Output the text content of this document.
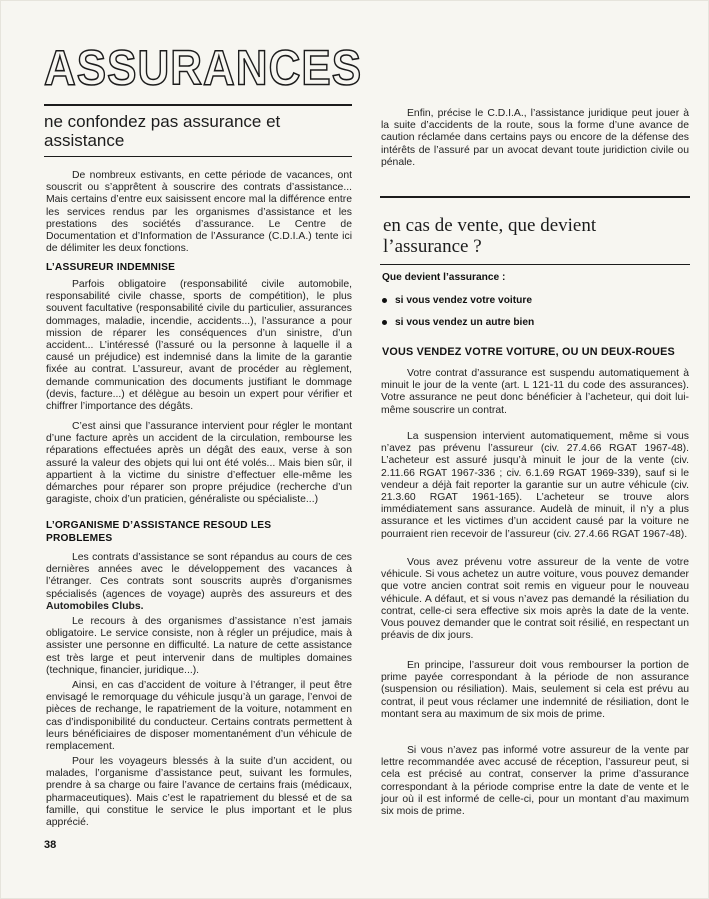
ASSURANCES
ne confondez pas assurance et assistance
De nombreux estivants, en cette période de vacances, ont souscrit ou s’apprêtent à souscrire des contrats d’assistance... Mais certains d’entre eux saisissent encore mal la différence entre les services rendus par les organismes d’assistance et les prestations des sociétés d’assurance. Le Centre de Documentation et d’Information de l’Assurance (C.D.I.A.) tente ici de délimiter les deux fonctions.
L’ASSUREUR INDEMNISE
Parfois obligatoire (responsabilité civile automobile, responsabilité civile chasse, sports de compétition), le plus souvent facultative (responsabilité civile du particulier, assurances dommages, maladie, incendie, accidents...), l’assurance a pour mission de réparer les conséquences d’un sinistre, d’un accident... L’intéressé (l’assuré ou la personne à laquelle il a causé un préjudice) est indemnisé dans la limite de la garantie fixée au contrat. L’assureur, avant de procéder au règlement, demande communication des documents justifiant le dommage (devis, facture...) et délègue au besoin un expert pour vérifier et chiffrer l’importance des dégâts.
C’est ainsi que l’assurance intervient pour régler le montant d’une facture après un accident de la circulation, rembourse les réparations effectuées après un dégât des eaux, verse à son assuré la valeur des objets qui lui ont été volés... Mais bien sûr, il appartient à la victime du sinistre d’effectuer elle-même les démarches pour réparer son propre préjudice (recherche d’un garagiste, choix d’un praticien, généraliste ou spécialiste...)
L’ORGANISME D’ASSISTANCE RESOUD LES PROBLEMES
Les contrats d’assistance se sont répandus au cours de ces dernières années avec le développement des vacances à l’étranger. Ces contrats sont souscrits auprès d’organismes spécialisés (agences de voyage) auprès des assureurs et des Automobiles Clubs.
Le recours à des organismes d’assistance n’est jamais obligatoire. Le service consiste, non à régler un préjudice, mais à assister une personne en difficulté. La nature de cette assistance est très large et peut intervenir dans de multiples domaines (technique, financier, juridique...).
Ainsi, en cas d’accident de voiture à l’étranger, il peut être envisagé le remorquage du véhicule jusqu’à un garage, l’envoi de pièces de rechange, le rapatriement de la voiture, notamment en cas d’indisponibilité du conducteur. Certains contrats permettent à leurs bénéficiaires de disposer momentanément d’un véhicule de remplacement.
Pour les voyageurs blessés à la suite d’un accident, ou malades, l’organisme d’assistance peut, suivant les formules, prendre à sa charge ou faire l’avance de certains frais (médicaux, pharmaceutiques). Mais c’est le rapatriement du blessé et de sa famille, qui constitue le service le plus important et le plus apprécié.
38
Enfin, précise le C.D.I.A., l’assistance juridique peut jouer à la suite d’accidents de la route, sous la forme d’une avance de caution réclamée dans certains pays ou encore de la défense des intérêts de l’assuré par un avocat devant toute juridiction civile ou pénale.
en cas de vente, que devient l’assurance ?
Que devient l’assurance :
si vous vendez votre voiture
si vous vendez un autre bien
VOUS VENDEZ VOTRE VOITURE, OU UN DEUX-ROUES
Votre contrat d’assurance est suspendu automatiquement à minuit le jour de la vente (art. L 121-11 du code des assurances). Votre assurance ne peut donc bénéficier à l’acheteur, qui doit lui-même souscrire un contrat.
La suspension intervient automatiquement, même si vous n’avez pas prévenu l’assureur (civ. 27.4.66 RGAT 1967-48). L’acheteur est assuré jusqu’à minuit le jour de la vente (civ. 2.11.66 RGAT 1967-336 ; civ. 6.1.69 RGAT 1969-339), sauf si le vendeur a déjà fait reporter la garantie sur un autre véhicule (civ. 21.3.60 RGAT 1961-165). L’acheteur se trouve alors immédiatement sans assurance. Audelà de minuit, il n’y a plus assurance et les victimes d’un accident causé par la voiture ne pourraient rien recevoir de l’assureur (civ. 27.4.66 RGAT 1967-48).
Vous avez prévenu votre assureur de la vente de votre véhicule. Si vous achetez un autre voiture, vous pouvez demander que votre ancien contrat soit remis en vigueur pour le nouveau véhicule. A défaut, et si vous n’avez pas demandé la résiliation du contrat, celle-ci sera effective six mois après la date de la vente. Vous pouvez demander que le contrat soit résilié, en respectant un préavis de dix jours.
En principe, l’assureur doit vous rembourser la portion de prime payée correspondant à la période de non assurance (suspension ou résiliation). Mais, seulement si cela est prévu au contrat, il peut vous réclamer une indemnité de résiliation, dont le montant sera au maximum de six mois de prime.
Si vous n’avez pas informé votre assureur de la vente par lettre recommandée avec accusé de réception, l’assureur peut, si cela est précisé au contrat, conserver la prime d’assurance correspondant à la période comprise entre la date de vente et le jour où il est informé de celle-ci, pour un montant d’au maximum six mois de prime.
